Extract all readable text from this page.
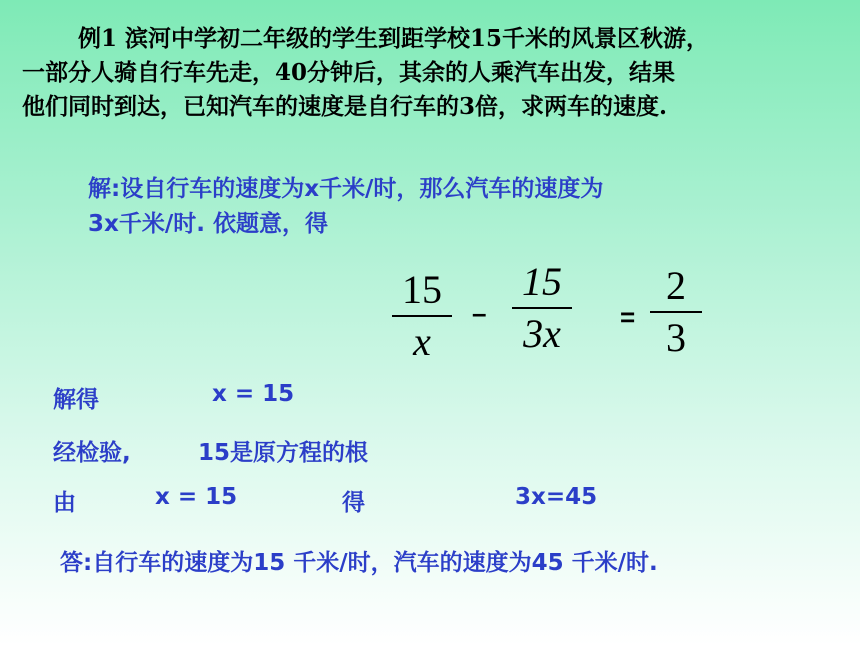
例1 滨河中学初二年级的学生到距学校15千米的风景区秋游，
一部分人骑自行车先走，40分钟后，其余的人乘汽车出发，结果
他们同时到达，已知汽车的速度是自行车的3倍，求两车的速度.
解:设自行车的速度为x千米/时，那么汽车的速度为
3x千米/时. 依题意，得
15
x
–
15
3x	=
2
3
解得	x = 15
经检验,	15是原方程的根
由	x = 15	得	3x=45
答:自行车的速度为15 千米/时，汽车的速度为45 千米/时.
